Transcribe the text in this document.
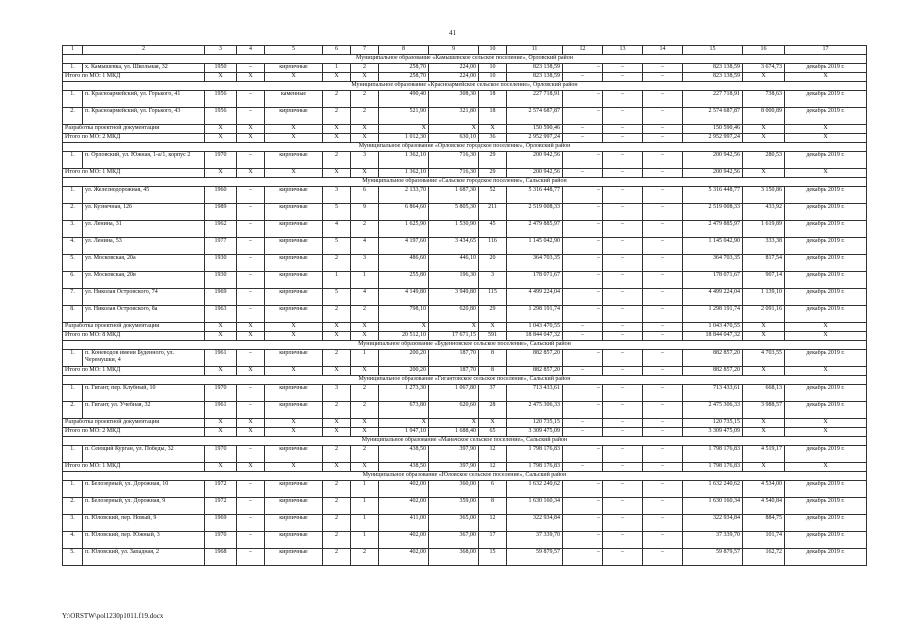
41
1	2	3	4	5	6	7	8	9	10	11	12	13	14	15	16	17
Муниципальное образование «Камышевское сельское поселение», Орловский район																
1.	х. Камышевка, ул. Школьная, 32	1950	–	кирпичные	1	2	258,70	224,00	10	823 138,59	–	–	–	823 138,59	3 674,73	декабрь 2019 г.
Итого по МО: 1 МКД		X	X	X	X	X	258,70	224,00	10	823 138,59	–	–	–	823 138,59	X	X
Муниципальное образование «Красноармейское сельское поселение», Орловский район																
1.	п. Красноармейский, ул. Горького, 41	1956	–	каменные	2	2	490,40	308,30	18	227 718,91	–	–	–	227 718,91	738,63	декабрь 2019 г.
2.	п. Красноармейский, ул. Горького, 43	1956	–	кирпичные	2	2	521,90	321,80	18	2 574 687,87	–	–	–	2 574 687,87	8 000,89	декабрь 2019 г.
Разработка проектной документации		X	X	X	X	X	X	X	X	150 590,46	–	–	–	150 590,46	X	X
Итого по МО: 2 МКД		X	X	X	X	X	1 012,30	630,10	36	2 952 997,24	–	–	–	2 952 997,24	X	X
Муниципальное образование «Орловское городское поселение», Орловский район																
1.	п. Орловский, ул. Южная, 1-а/1, корпус 2	1970	–	кирпичные	2	3	1 362,10	716,30	29	200 942,56	–	–	–	200 942,56	280,53	декабрь 2019 г.
Итого по МО: 1 МКД		X	X	X	X	X	1 362,10	716,30	29	200 942,56	–	–	–	200 942,56	X	X
Муниципальное образование «Сальское городское поселение», Сальский район																
1.	ул. Железнодорожная, 45	1960	–	кирпичные	3	6	2 133,70	1 687,30	52	5 316 448,77	–	–	–	5 316 448,77	3 150,86	декабрь 2019 г.
2.	ул. Кузнечная, 126	1989	–	кирпичные	5	9	6 864,60	5 805,30	211	2 519 008,33	–	–	–	2 519 008,33	433,92	декабрь 2019 г.
3.	ул. Ленина, 31	1962	–	кирпичные	4	2	1 625,90	1 530,90	45	2 479 885,97	–	–	–	2 479 885,97	1 619,89	декабрь 2019 г.
4.	ул. Ленина, 53	1977	–	кирпичные	5	4	4 197,60	3 434,65	116	1 145 042,90	–	–	–	1 145 042,90	333,38	декабрь 2019 г.
5.	ул. Московская, 20а	1930	–	кирпичные	2	3	486,60	446,10	20	364 703,35	–	–	–	364 703,35	817,54	декабрь 2019 г.
6.	ул. Московская, 20в	1930	–	кирпичные	1	1	255,80	196,30	3	178 071,67	–	–	–	178 071,67	907,14	декабрь 2019 г.
7.	ул. Николая Островского, 74	1969	–	кирпичные	5	4	4 149,80	3 949,80	115	4 499 224,04	–	–	–	4 499 224,04	1 139,10	декабрь 2019 г.
8.	ул. Николая Островского, 8а	1963	–	кирпичные	2	2	798,10	620,80	29	1 298 191,74	–	–	–	1 298 191,74	2 091,16	декабрь 2019 г.
Разработка проектной документации		X	X	X	X	X	X	X	X	1 043 470,55	–	–	–	1 043 470,55	X	X
Итого по МО: 8 МКД		X	X	X	X	X	20 512,10	17 671,15	591	18 844 047,32	–	–	–	18 844 047,32	X	X
Муниципальное образование «Буденновское сельское поселение», Сальский район																
1.	п. Коневодов имени Буденного, ул. Черемушки, 4	1961	–	кирпичные	2	1	200,20	187,70	8	882 857,20	–	–	–	882 857,20	4 703,55	декабрь 2019 г.
Итого по МО: 1 МКД		X	X	X	X	X	200,20	187,70	8	882 857,20	–	–	–	882 857,20	X	X
Муниципальное образование «Гигантовское сельское поселение», Сальский район																
1.	п. Гигант, пер. Клубный, 10	1970	–	кирпичные	3	2	1 273,30	1 067,80	37	713 433,61	–	–	–	713 433,61	668,13	декабрь 2019 г.
2.	п. Гигант, ул. Учебная, 32	1961	–	кирпичные	2	2	673,80	620,60	28	2 475 306,33	–	–	–	2 475 306,33	3 988,57	декабрь 2019 г.
Разработка проектной документации		X	X	X	X	X	X	X	X	120 735,15	–	–	–	120 735,15	X	X
Итого по МО: 2 МКД		X	X	X	X	X	1 947,10	1 688,40	65	3 309 475,09	–	–	–	3 309 475,09	X	X
Муниципальное образование «Маньчское сельское поселение», Сальский район																
1.	п. Сеющий Курган, ул. Победы, 32	1970	–	кирпичные	2	2	438,50	397,90	12	1 798 176,83	–	–	–	1 798 176,83	4 519,17	декабрь 2019 г.
Итого по МО: 1 МКД		X	X	X	X	X	438,50	397,90	12	1 798 176,83	–	–	–	1 798 176,83	X	X
Муниципальное образование «Юловское сельское поселение», Сальский район																
1.	п. Белозерный, ул. Дорожная, 10	1972	–	кирпичные	2	1	402,00	360,00	6	1 632 240,62	–	–	–	1 632 240,62	4 534,00	декабрь 2019 г.
2.	п. Белозерный, ул. Дорожная, 9	1972	–	кирпичные	2	1	402,00	359,00	8	1 630 160,34	–	–	–	1 630 160,34	4 540,84	декабрь 2019 г.
3.	п. Юловский, пер. Новый, 9	1969	–	кирпичные	2	1	411,00	365,00	12	322 934,84	–	–	–	322 934,84	884,75	декабрь 2019 г.
4.	п. Юловский, пер. Южный, 3	1970	–	кирпичные	2	1	402,00	367,00	17	37 339,70	–	–	–	37 339,70	101,74	декабрь 2019 г.
5.	п. Юловский, ул. Западная, 2	1968	–	кирпичные	2	2	402,00	368,00	15	59 879,57	–	–	–	59 879,57	162,72	декабрь 2019 г.
Y:\ORSTW\pol1230p1011.f19.docx
